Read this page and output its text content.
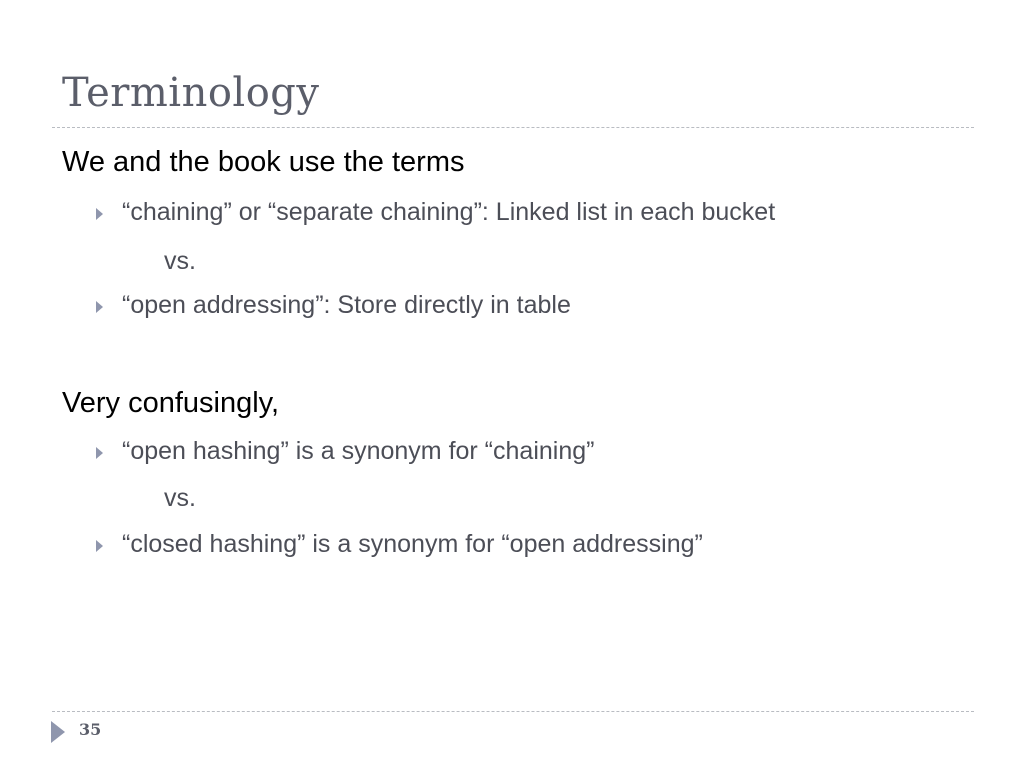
Terminology
We and the book use the terms
“chaining” or “separate chaining”: Linked list in each bucket
vs.
“open addressing”: Store directly in table
Very confusingly,
“open hashing” is a synonym for “chaining”
vs.
“closed hashing” is a synonym for “open addressing”
35
